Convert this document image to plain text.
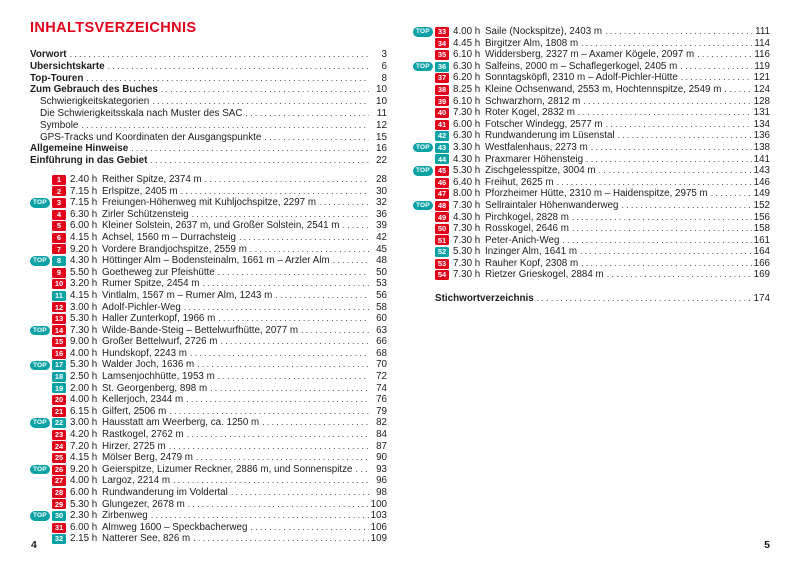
INHALTSVERZEICHNIS
Vorwort .....	3
Übersichtskarte .....	6
Top-Touren .....	8
Zum Gebrauch des Buches .....	10
Schwierigkeitskategorien .....	10
Die Schwierigkeitsskala nach Muster des SAC .....	11
Symbole .....	12
GPS-Tracks und Koordinaten der Ausgangspunkte .....	15
Allgemeine Hinweise .....	16
Einführung in das Gebiet .....	22
1 2.40 h Reither Spitze, 2374 m .....	28
2 7.15 h Erlspitze, 2405 m .....	30
TOP	3 7.15 h Freiungen-Höhenweg mit Kuhljochspitze, 2297 m .....	32
4 6.30 h Zirler Schützensteig .....	36
5 6.00 h Kleiner Solstein, 2637 m, und Großer Solstein, 2541 m .....	39
6 4.15 h Achsel, 1560 m – Durrachsteig .....	42
7 9.20 h Vordere Brandjochspitze, 2559 m .....	45
TOP	8 4.30 h Höttinger Alm – Bodensteinalm, 1661 m – Arzler Alm .....	48
9 5.50 h Goetheweg zur Pfeishütte .....	50
10 3.20 h Rumer Spitze, 2454 m .....	53
11 4.15 h Vintlalm, 1567 m – Rumer Alm, 1243 m .....	56
12 3.00 h Adolf-Pichler-Weg .....	58
13 5.30 h Haller Zunterkopf, 1966 m .....	60
TOP	14 7.30 h Wilde-Bande-Steig – Bettelwurfhütte, 2077 m .....	63
15 9.00 h Großer Bettelwurf, 2726 m .....	66
16 4.00 h Hundskopf, 2243 m .....	68
TOP	17 5.30 h Walder Joch, 1636 m .....	70
18 2.50 h Lamsenjochhütte, 1953 m .....	72
19 2.00 h St. Georgenberg, 898 m .....	74
20 4.00 h Kellerjoch, 2344 m .....	76
21 6.15 h Gilfert, 2506 m .....	79
TOP	22 3.00 h Hausstatt am Weerberg, ca. 1250 m .....	82
23 4.20 h Rastkogel, 2762 m .....	84
24 7.20 h Hirzer, 2725 m .....	87
25 4.15 h Mölser Berg, 2479 m .....	90
TOP	26 9.20 h Geierspitze, Lizumer Reckner, 2886 m, und Sonnenspitze .....	93
27 4.00 h Largoz, 2214 m .....	96
28 6.00 h Rundwanderung im Voldertal .....	98
29 5.30 h Glungezer, 2678 m .....	100
TOP	30 2.30 h Zirbenweg .....	103
31 6.00 h Almweg 1600 – Speckbacherweg .....	106
32 2.15 h Natterer See, 826 m .....	109
TOP	33 4.00 h Saile (Nockspitze), 2403 m .....	111
34 4.45 h Birgitzer Alm, 1808 m .....	114
35 6.10 h Widdersberg, 2327 m – Axamer Kögele, 2097 m .....	116
TOP	36 6.30 h Salfeins, 2000 m – Schaflegerkogel, 2405 m .....	119
37 6.20 h Sonntagsköpfl, 2310 m – Adolf-Pichler-Hütte .....	121
38 8.25 h Kleine Ochsenwand, 2553 m, Hochtennspitze, 2549 m .....	124
39 6.10 h Schwarzhorn, 2812 m .....	128
40 7.30 h Roter Kogel, 2832 m .....	131
41 6.00 h Fotscher Windegg, 2577 m .....	134
42 6.30 h Rundwanderung im Lüsenstal .....	136
TOP	43 3.30 h Westfalenhaus, 2273 m .....	138
44 4.30 h Praxmarer Höhensteig .....	141
TOP	45 5.30 h Zischgelesspitze, 3004 m .....	143
46 6.40 h Freihut, 2625 m .....	146
47 8.00 h Pforzheimer Hütte, 2310 m – Haidenspitze, 2975 m .....	149
TOP	48 7.30 h Sellraintaler Höhenwanderweg .....	152
49 4.30 h Pirchkogel, 2828 m .....	156
50 7.30 h Rosskogel, 2646 m .....	158
51 7.30 h Peter-Anich-Weg .....	161
52 5.30 h Inzinger Alm, 1641 m .....	164
53 7.30 h Rauher Kopf, 2308 m .....	166
54 7.30 h Rietzer Grieskogel, 2884 m .....	169
Stichwortverzeichnis .....	174
4	5
